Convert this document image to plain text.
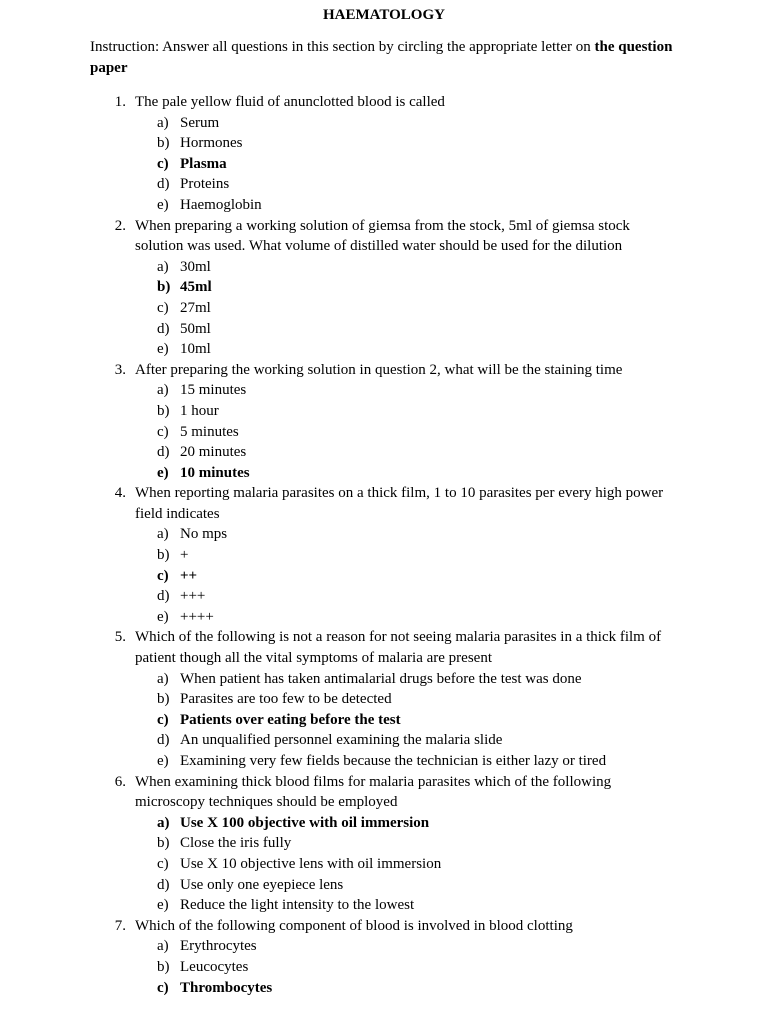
HAEMATOLOGY
Instruction: Answer all questions in this section by circling the appropriate letter on the question paper
1. The pale yellow fluid of anunclotted blood is called
a) Serum
b) Hormones
c) Plasma
d) Proteins
e) Haemoglobin
2. When preparing a working solution of giemsa from the stock, 5ml of giemsa stock solution was used. What volume of distilled water should be used for the dilution
a) 30ml
b) 45ml
c) 27ml
d) 50ml
e) 10ml
3. After preparing the working solution in question 2, what will be the staining time
a) 15 minutes
b) 1 hour
c) 5 minutes
d) 20 minutes
e) 10 minutes
4. When reporting malaria parasites on a thick film, 1 to 10 parasites per every high power field indicates
a) No mps
b) +
c) ++
d) +++
e) ++++
5. Which of the following is not a reason for not seeing malaria parasites in a thick film of patient though all the vital symptoms of malaria are present
a) When patient has taken antimalarial drugs before the test was done
b) Parasites are too few to be detected
c) Patients over eating before the test
d) An unqualified personnel examining the malaria slide
e) Examining very few fields because the technician is either lazy or tired
6. When examining thick blood films for malaria parasites which of the following microscopy techniques should be employed
a) Use X 100 objective with oil immersion
b) Close the iris fully
c) Use X 10 objective lens with oil immersion
d) Use only one eyepiece lens
e) Reduce the light intensity to the lowest
7. Which of the following component of blood is involved in blood clotting
a) Erythrocytes
b) Leucocytes
c) Thrombocytes
